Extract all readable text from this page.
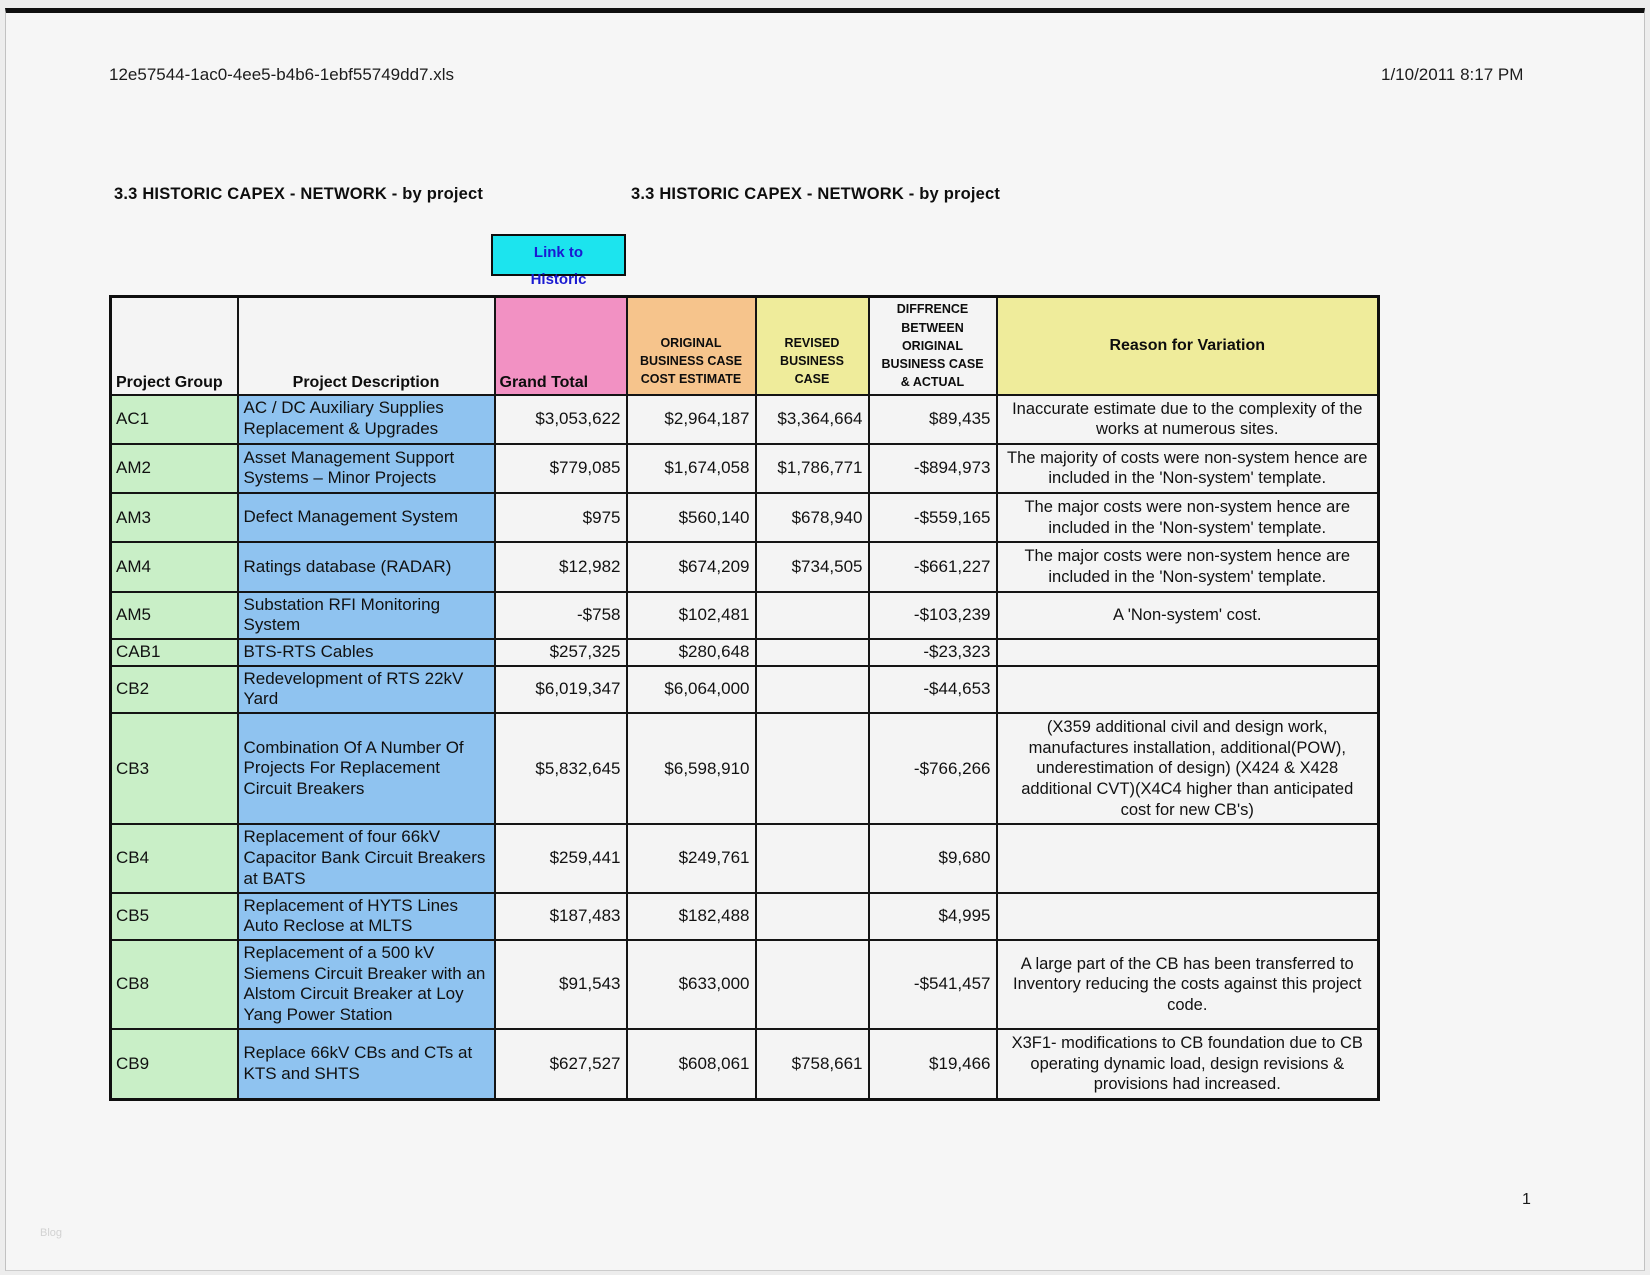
12e57544-1ac0-4ee5-b4b6-1ebf55749dd7.xls	1/10/2011 8:17 PM
3.3 HISTORIC CAPEX - NETWORK - by project	3.3 HISTORIC CAPEX - NETWORK - by project
Link to
Historic
Project Group	Project Description	Grand Total	ORIGINAL BUSINESS CASE COST ESTIMATE	REVISED BUSINESS CASE	DIFFRENCE BETWEEN ORIGINAL BUSINESS CASE & ACTUAL	Reason for Variation
AC1	AC / DC Auxiliary Supplies Replacement & Upgrades	$3,053,622	$2,964,187	$3,364,664	$89,435	Inaccurate estimate due to the complexity of the works at numerous sites.
AM2	Asset Management Support Systems – Minor Projects	$779,085	$1,674,058	$1,786,771	-$894,973	The majority of costs were non-system hence are included in the 'Non-system' template.
AM3	Defect Management System	$975	$560,140	$678,940	-$559,165	The major costs were non-system hence are included in the 'Non-system' template.
AM4	Ratings database (RADAR)	$12,982	$674,209	$734,505	-$661,227	The major costs were non-system hence are included in the 'Non-system' template.
AM5	Substation RFI Monitoring System	-$758	$102,481		-$103,239	A 'Non-system' cost.
CAB1	BTS-RTS Cables	$257,325	$280,648		-$23,323	
CB2	Redevelopment of RTS 22kV Yard	$6,019,347	$6,064,000		-$44,653	
CB3	Combination Of A Number Of Projects For Replacement Circuit Breakers	$5,832,645	$6,598,910		-$766,266	(X359 additional civil and design work, manufactures installation, additional(POW), underestimation of design) (X424 & X428 additional CVT)(X4C4 higher than anticipated cost for new CB's)
CB4	Replacement of four 66kV Capacitor Bank Circuit Breakers at BATS	$259,441	$249,761		$9,680	
CB5	Replacement of HYTS Lines Auto Reclose at MLTS	$187,483	$182,488		$4,995	
CB8	Replacement of a 500 kV Siemens Circuit Breaker with an Alstom Circuit Breaker at Loy Yang Power Station	$91,543	$633,000		-$541,457	A large part of the CB has been transferred to Inventory reducing the costs against this project code.
CB9	Replace 66kV CBs and CTs at KTS and SHTS	$627,527	$608,061	$758,661	$19,466	X3F1- modifications to CB foundation due to CB operating dynamic load, design revisions & provisions had increased.
1
Blog
